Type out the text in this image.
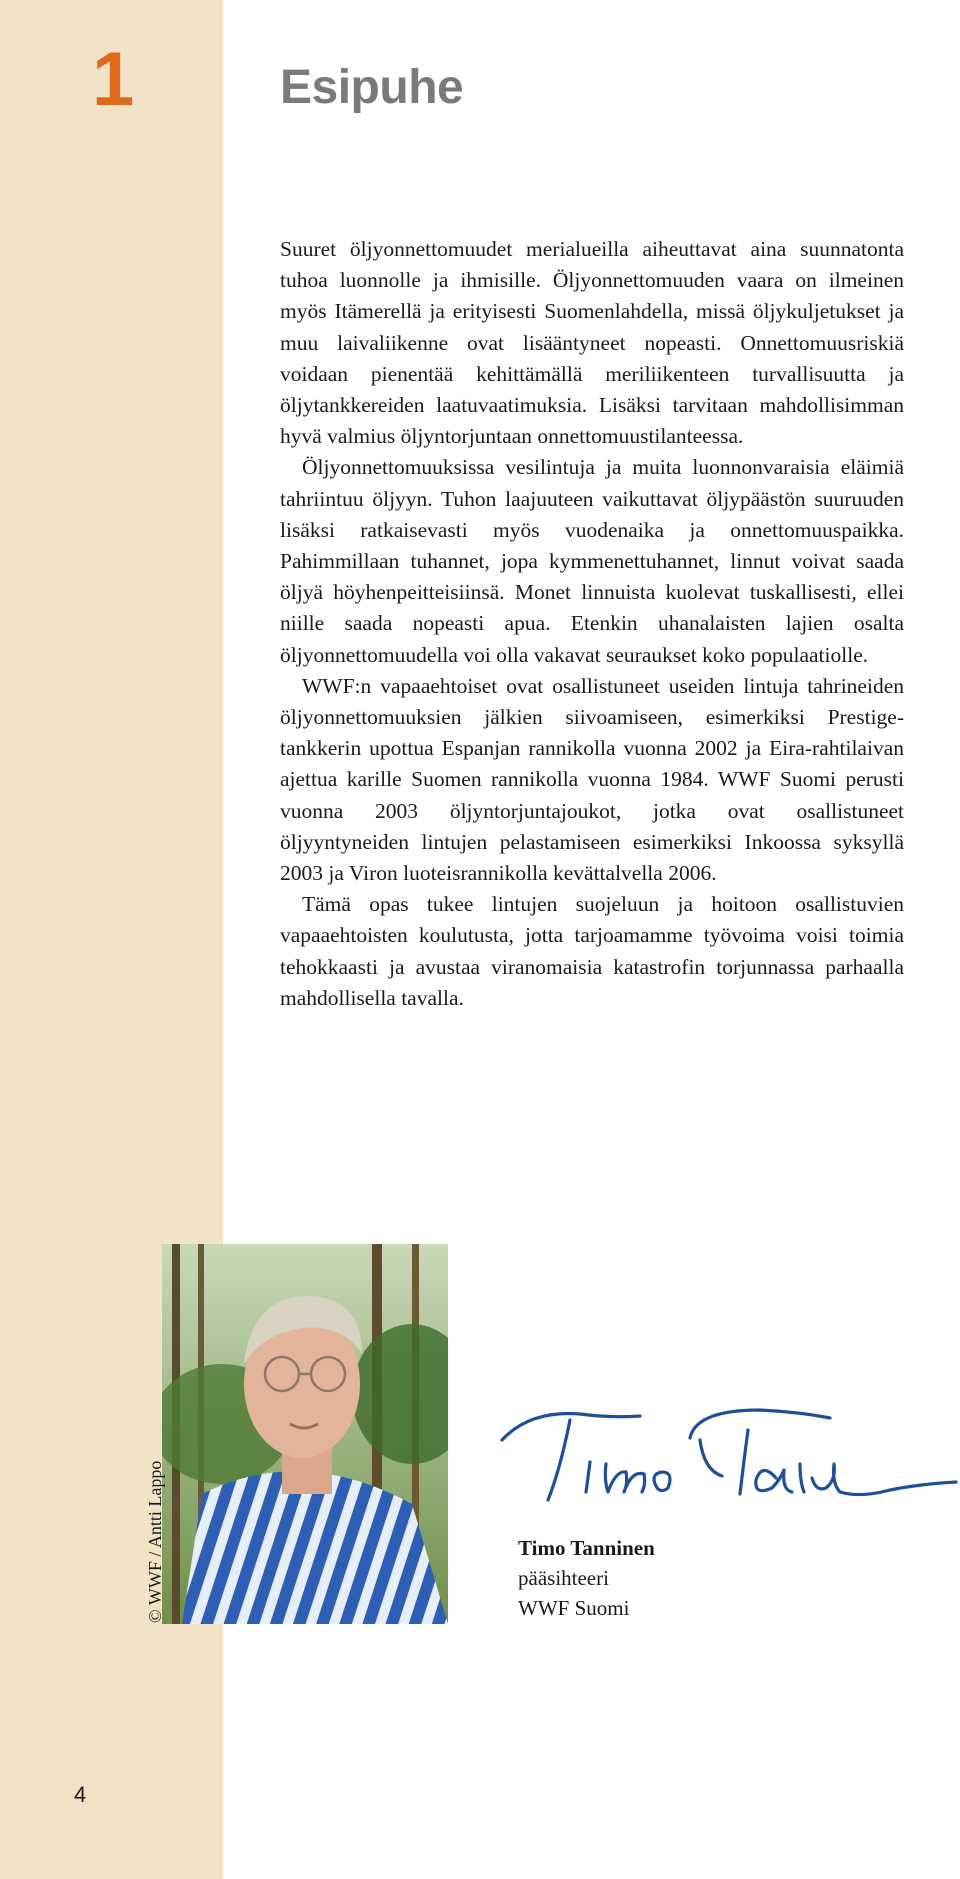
1	Esipuhe

Suuret öljyonnettomuudet merialueilla aiheuttavat aina suunnatonta tuhoa luonnolle ja ihmisille. Öljyonnettomuuden vaara on ilmeinen myös Itämerellä ja erityisesti Suomenlahdella, missä öljykuljetukset ja muu laivaliikenne ovat lisääntyneet nopeasti. Onnettomuusriskiä voidaan pienentää kehittämällä meriliikenteen turvallisuutta ja öljytankkereiden laatuvaatimuksia. Lisäksi tarvitaan mahdollisimman hyvä valmius öljyntorjuntaan onnettomuustilanteessa.

Öljyonnettomuuksissa vesilintuja ja muita luonnonvaraisia eläimiä tahriintuu öljyyn. Tuhon laajuuteen vaikuttavat öljypäästön suuruuden lisäksi ratkaisevasti myös vuodenaika ja onnettomuuspaikka. Pahimmillaan tuhannet, jopa kymmenettuhannet, linnut voivat saada öljyä höyhenpeitteisiinsä. Monet linnuista kuolevat tuskallisesti, ellei niille saada nopeasti apua. Etenkin uhanalaisten lajien osalta öljyonnettomuudella voi olla vakavat seuraukset koko populaatiolle.

WWF:n vapaaehtoiset ovat osallistuneet useiden lintuja tahrineiden öljyonnettomuuksien jälkien siivoamiseen, esimerkiksi Prestige-tankkerin upottua Espanjan rannikolla vuonna 2002 ja Eira-rahtilaivan ajettua karille Suomen rannikolla vuonna 1984. WWF Suomi perusti vuonna 2003 öljyntorjuntajoukot, jotka ovat osallistuneet öljyyntyneiden lintujen pelastamiseen esimerkiksi Inkoossa syksyllä 2003 ja Viron luoteisrannikolla kevättalvella 2006.

Tämä opas tukee lintujen suojeluun ja hoitoon osallistuvien vapaaehtoisten koulutusta, jotta tarjoamamme työvoima voisi toimia tehokkaasti ja avustaa viranomaisia katastrofin torjunnassa parhaalla mahdollisella tavalla.

© WWF / Antti Lappo	Timo Tanninen
pääsihteeri
WWF Suomi
4
